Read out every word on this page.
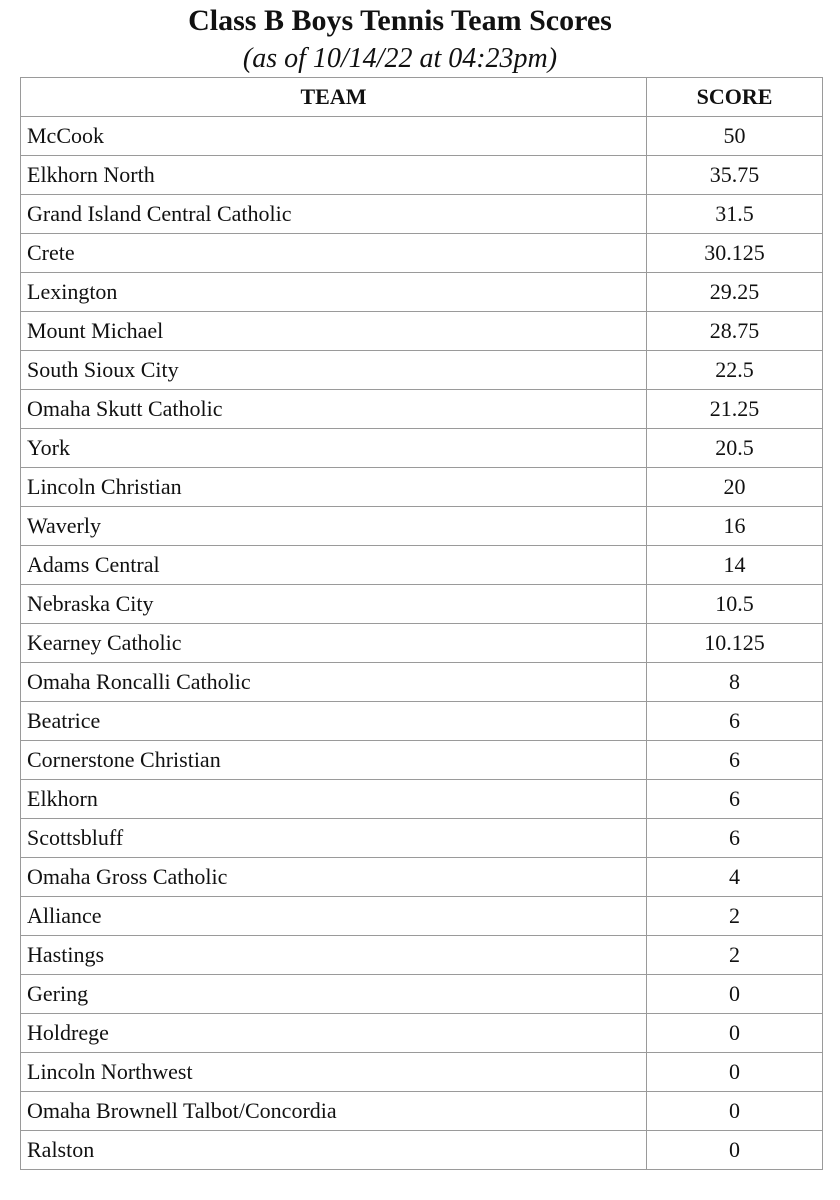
Class B Boys Tennis Team Scores
(as of 10/14/22 at 04:23pm)
TEAM	SCORE
McCook	50
Elkhorn North	35.75
Grand Island Central Catholic	31.5
Crete	30.125
Lexington	29.25
Mount Michael	28.75
South Sioux City	22.5
Omaha Skutt Catholic	21.25
York	20.5
Lincoln Christian	20
Waverly	16
Adams Central	14
Nebraska City	10.5
Kearney Catholic	10.125
Omaha Roncalli Catholic	8
Beatrice	6
Cornerstone Christian	6
Elkhorn	6
Scottsbluff	6
Omaha Gross Catholic	4
Alliance	2
Hastings	2
Gering	0
Holdrege	0
Lincoln Northwest	0
Omaha Brownell Talbot/Concordia	0
Ralston	0
